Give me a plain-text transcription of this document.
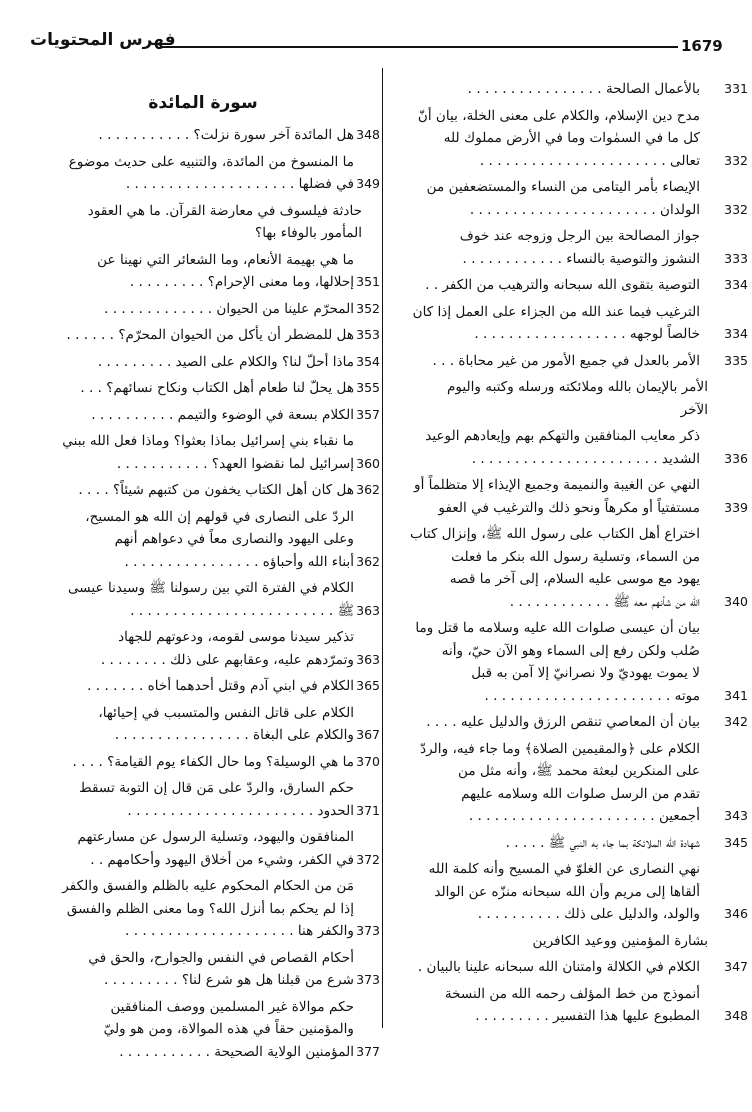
فهرس المحتويات	1679
بالأعمال الصالحة . . . . . . . . . . . . . . . . 331
مدح دين الإسلام، والكلام على معنى الخلة، بيان أنّ
كل ما في السمٰوات وما في الأرض مملوك لله
تعالى . . . . . . . . . . . . . . . . . . . . . . 332
الإيصاء بأمر اليتامى من النساء والمستضعفين من
الولدان . . . . . . . . . . . . . . . . . . . . . . 332
جواز المصالحة بين الرجل وزوجه عند خوف
النشوز والتوصية بالنساء . . . . . . . . . . . . 333
التوصية بتقوى الله سبحانه والترهيب من الكفر . . 334
الترغيب فيما عند الله من الجزاء على العمل إذا كان
خالصاً لوجهه . . . . . . . . . . . . . . . . . . 334
الأمر بالعدل في جميع الأمور من غير محاباة . . . 335
الأمر بالإيمان بالله وملائكته ورسله وكتبه واليوم
الآخر
ذكر معايب المنافقين والتهكم بهم وإيعادهم الوعيد
الشديد . . . . . . . . . . . . . . . . . . . . . . 336
النهي عن الغيبة والنميمة وجميع الإيذاء إلا متظلماً أو
مستفتياً أو مكرهاً ونحو ذلك والترغيب في العفو 339
اختراع أهل الكتاب على رسول الله ﷺ، وإنزال كتاب
من السماء، وتسلية رسول الله بنكر ما فعلت
يهود مع موسى عليه السلام، إلى آخر ما قصه
الله من شأنهم معه ﷺ . . . . . . . . . . . . 340
بيان أن عيسى صلوات الله عليه وسلامه ما قتل وما
صُلب ولكن رفع إلى السماء وهو الآن حيّ، وأنه
لا يموت يهوديّ ولا نصرانيّ إلا آمن به قبل
موته . . . . . . . . . . . . . . . . . . . . . . 341
بيان أن المعاصي تنقص الرزق والدليل عليه . . . . 342
الكلام على ﴿والمقيمين الصلاة﴾ وما جاء فيه، والردّ
على المنكرين لبعثة محمد ﷺ، وأنه مثل من
تقدم من الرسل صلوات الله وسلامه عليهم
أجمعين . . . . . . . . . . . . . . . . . . . . . . 343
شهادة الله الملائكة بما جاء به النبي ﷺ . . . . . 345
نهي النصارى عن الغلوّ في المسيح وأنه كلمة الله
ألقاها إلى مريم وأن الله سبحانه منزّه عن الوالد
والولد، والدليل على ذلك . . . . . . . . . . 346
بشارة المؤمنين ووعيد الكافرين
الكلام في الكلالة وامتنان الله سبحانه علينا بالبيان . 347
أنموذج من خط المؤلف رحمه الله من النسخة
المطبوع عليها هذا التفسير . . . . . . . . . 348
سورة المائدة
هل المائدة آخر سورة نزلت؟ . . . . . . . . . . . 348
ما المنسوخ من المائدة، والتنبيه على حديث موضوع
في فضلها . . . . . . . . . . . . . . . . . . . . 349
حادثة فيلسوف في معارضة القرآن. ما هي العقود
المأمور بالوفاء بها؟
ما هي بهيمة الأنعام، وما الشعائر التي نهينا عن
إحلالها، وما معنى الإحرام؟ . . . . . . . . . 351
المحرّم علينا من الحيوان . . . . . . . . . . . . . 352
هل للمضطر أن يأكل من الحيوان المحرّم؟ . . . . . . 353
ماذا أحلّ لنا؟ والكلام على الصيد . . . . . . . . . 354
هل يحلّ لنا طعام أهل الكتاب ونكاح نسائهم؟ . . . 355
الكلام بسعة في الوضوء والتيمم . . . . . . . . . . 357
ما نقباء بني إسرائيل بماذا بعثوا؟ وماذا فعل الله ببني
إسرائيل لما نقضوا العهد؟ . . . . . . . . . . . 360
هل كان أهل الكتاب يخفون من كتبهم شيئاً؟ . . . . 362
الردّ على النصارى في قولهم إن الله هو المسيح،
وعلى اليهود والنصارى معاً في دعواهم أنهم
أبناء الله وأحباؤه . . . . . . . . . . . . . . . . 362
الكلام في الفترة التي بين رسولنا ﷺ وسيدنا عيسى
ﷺ . . . . . . . . . . . . . . . . . . . . . . . . 363
تذكير سيدنا موسى لقومه، ودعوتهم للجهاد
وتمرّدهم عليه، وعقابهم على ذلك . . . . . . . . 363
الكلام في ابني آدم وقتل أحدهما أخاه . . . . . . . 365
الكلام على قاتل النفس والمتسبب في إحيائها،
والكلام على البغاة . . . . . . . . . . . . . . . . 367
ما هي الوسيلة؟ وما حال الكفاء يوم القيامة؟ . . . . 370
حكم السارق، والردّ على مَن قال إن التوبة تسقط
الحدود . . . . . . . . . . . . . . . . . . . . . . 371
المنافقون واليهود، وتسلية الرسول عن مسارعتهم
في الكفر، وشيء من أخلاق اليهود وأحكامهم . . 372
مَن من الحكام المحكوم عليه بالظلم والفسق والكفر
إذا لم يحكم بما أنزل الله؟ وما معنى الظلم والفسق
والكفر هنا . . . . . . . . . . . . . . . . . . . . 373
أحكام القصاص في النفس والجوارح، والحق في
شرع من قبلنا هل هو شرع لنا؟ . . . . . . . . . 373
حكم موالاة غير المسلمين ووصف المنافقين
والمؤمنين حقاً في هذه الموالاة، ومن هو وليّ
المؤمنين الولاية الصحيحة . . . . . . . . . . . 377
